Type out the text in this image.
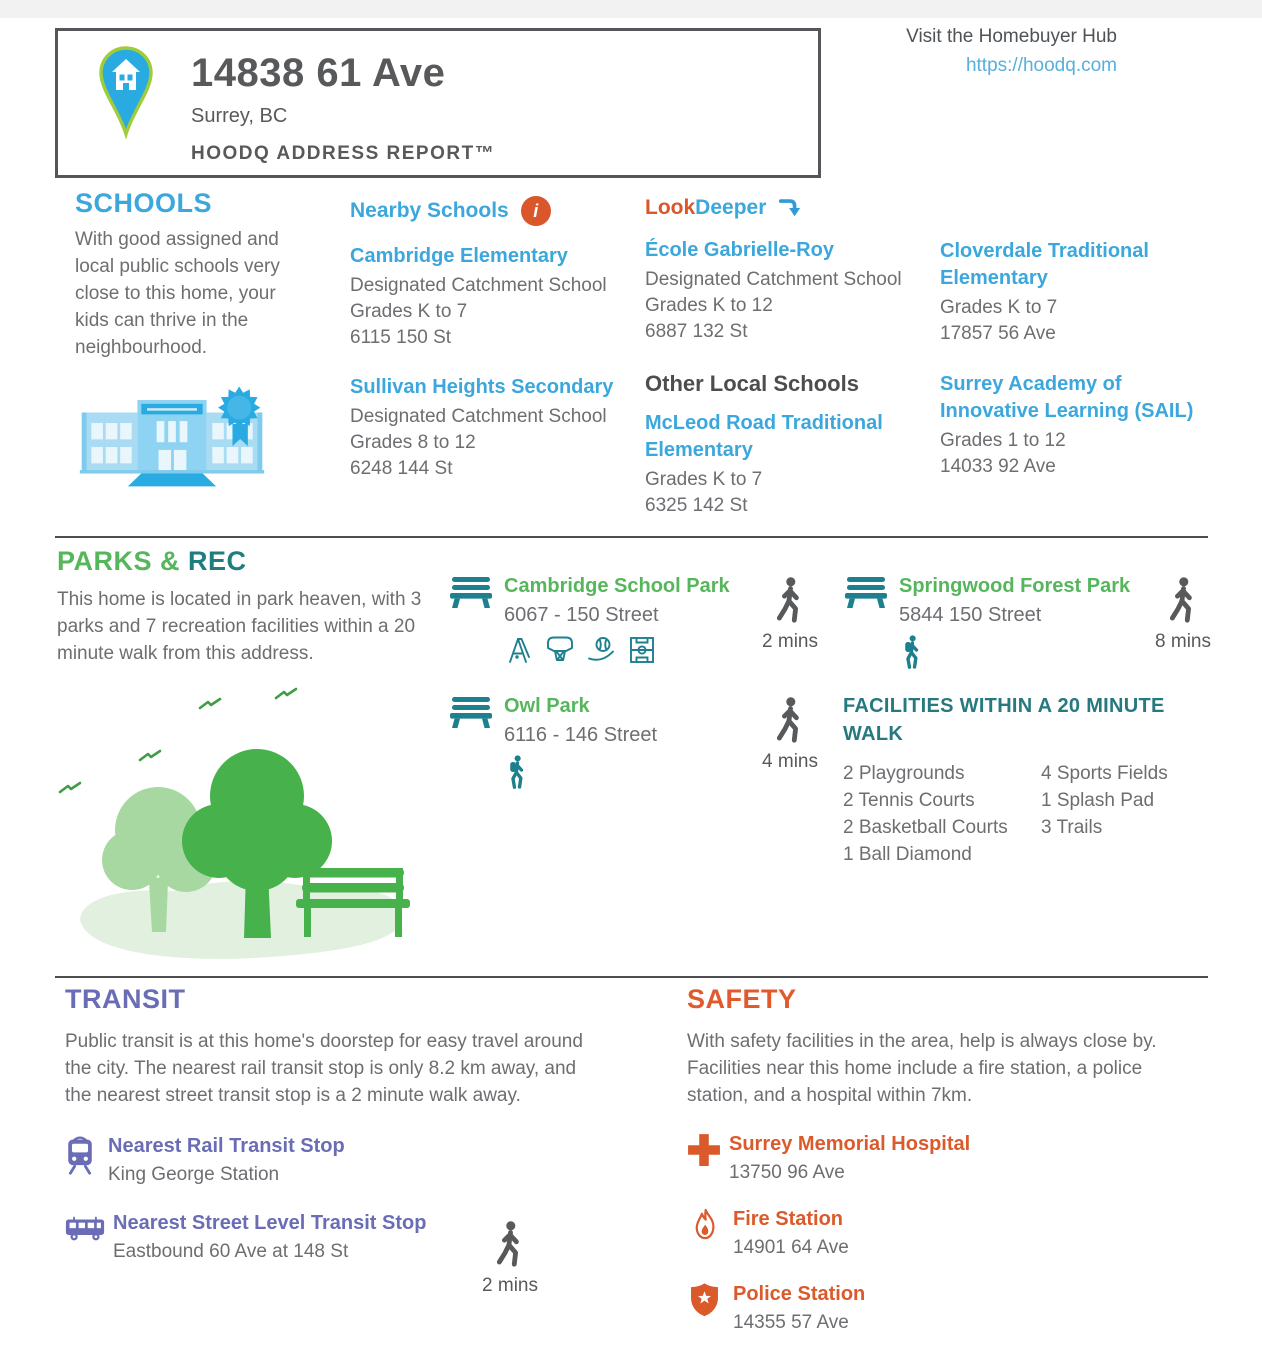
14838 61 Ave
Surrey, BC
HOODQ ADDRESS REPORT™
Visit the Homebuyer Hub
https://hoodq.com
SCHOOLS
With good assigned and local public schools very close to this home, your kids can thrive in the neighbourhood.
Nearby Schools	i
Cambridge Elementary
Designated Catchment School
Grades K to 7
6115 150 St
Sullivan Heights Secondary
Designated Catchment School
Grades 8 to 12
6248 144 St
LookDeeper
École Gabrielle-Roy
Designated Catchment School
Grades K to 12
6887 132 St
Other Local Schools
McLeod Road Traditional Elementary
Grades K to 7
6325 142 St
Cloverdale Traditional Elementary
Grades K to 7
17857 56 Ave
Surrey Academy of Innovative Learning (SAIL)
Grades 1 to 12
14033 92 Ave
PARKS & REC
This home is located in park heaven, with 3 parks and 7 recreation facilities within a 20 minute walk from this address.
Cambridge School Park
6067 - 150 Street
2 mins
Springwood Forest Park
5844 150 Street
8 mins
Owl Park
6116 - 146 Street
4 mins
FACILITIES WITHIN A 20 MINUTE WALK
2 Playgrounds
2 Tennis Courts
2 Basketball Courts
1 Ball Diamond
4 Sports Fields
1 Splash Pad
3 Trails
TRANSIT
Public transit is at this home's doorstep for easy travel around the city. The nearest rail transit stop is only 8.2 km away, and the nearest street transit stop is a 2 minute walk away.
Nearest Rail Transit Stop
King George Station
Nearest Street Level Transit Stop
Eastbound 60 Ave at 148 St
2 mins
SAFETY
With safety facilities in the area, help is always close by. Facilities near this home include a fire station, a police station, and a hospital within 7km.
Surrey Memorial Hospital
13750 96 Ave
Fire Station
14901 64 Ave
Police Station
14355 57 Ave
